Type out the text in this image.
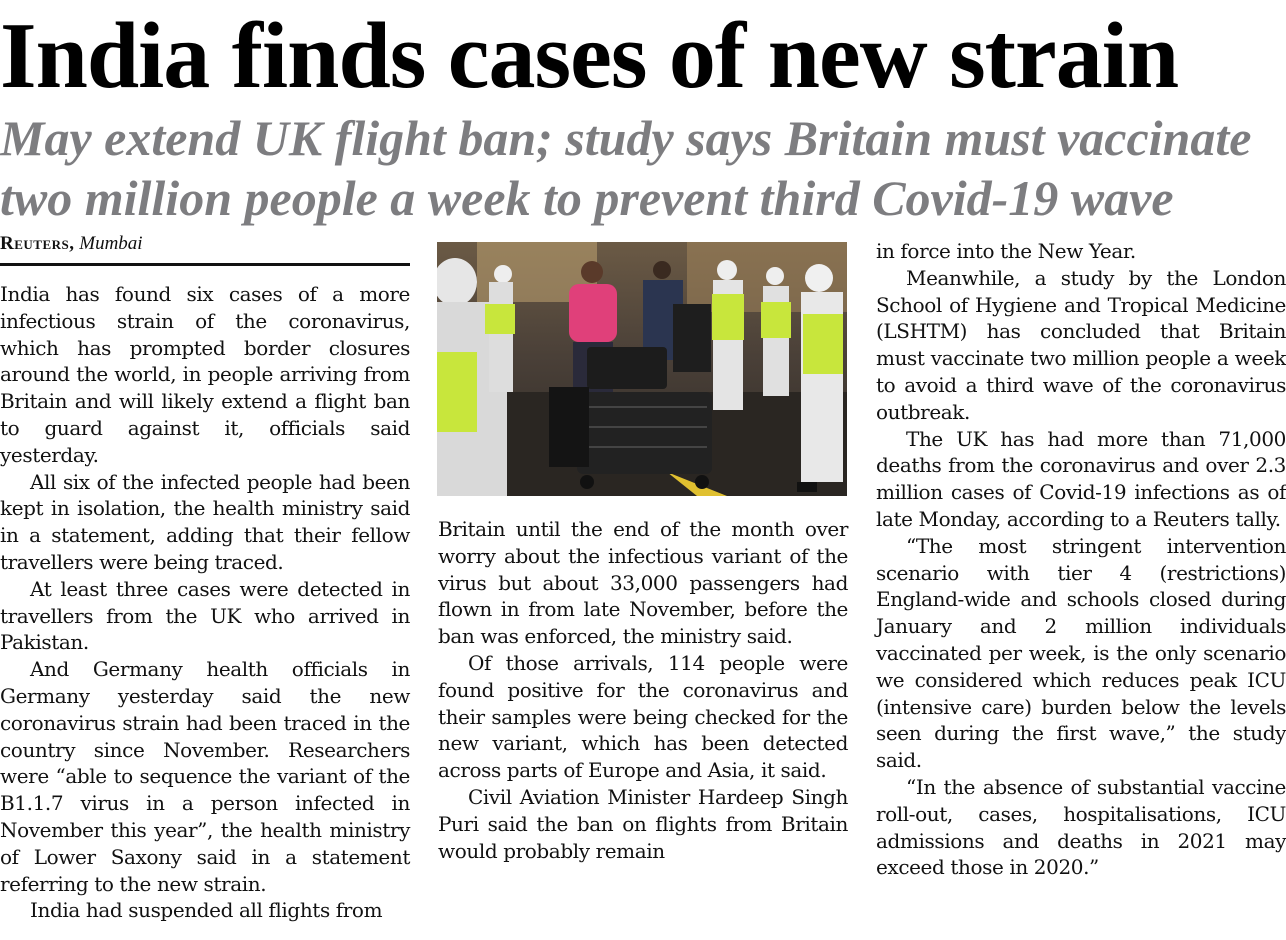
India finds cases of new strain
May extend UK flight ban; study says Britain must vaccinate
two million people a week to prevent third Covid-19 wave
Reuters, Mumbai

India has found six cases of a more infectious strain of the coronavirus, which has prompted border closures around the world, in people arriving from Britain and will likely extend a flight ban to guard against it, officials said yesterday.

All six of the infected people had been kept in isolation, the health ministry said in a statement, adding that their fellow travellers were being traced.

At least three cases were detected in travellers from the UK who arrived in Pakistan.

And Germany health officials in Germany yesterday said the new coronavirus strain had been traced in the country since November. Researchers were “able to sequence the variant of the B1.1.7 virus in a person infected in November this year”, the health ministry of Lower Saxony said in a statement referring to the new strain.

India had suspended all flights from

Britain until the end of the month over worry about the infectious variant of the virus but about 33,000 passengers had flown in from late November, before the ban was enforced, the ministry said.

Of those arrivals, 114 people were found positive for the coronavirus and their samples were being checked for the new variant, which has been detected across parts of Europe and Asia, it said.

Civil Aviation Minister Hardeep Singh Puri said the ban on flights from Britain would probably remain

in force into the New Year.

Meanwhile, a study by the London School of Hygiene and Tropical Medicine (LSHTM) has concluded that Britain must vaccinate two million people a week to avoid a third wave of the coronavirus outbreak.

The UK has had more than 71,000 deaths from the coronavirus and over 2.3 million cases of Covid-19 infections as of late Monday, according to a Reuters tally.

“The most stringent intervention scenario with tier 4 (restrictions) England-wide and schools closed during January and 2 million individuals vaccinated per week, is the only scenario we considered which reduces peak ICU (intensive care) burden below the levels seen during the first wave,” the study said.

“In the absence of substantial vaccine roll-out, cases, hospitalisations, ICU admissions and deaths in 2021 may exceed those in 2020.”
